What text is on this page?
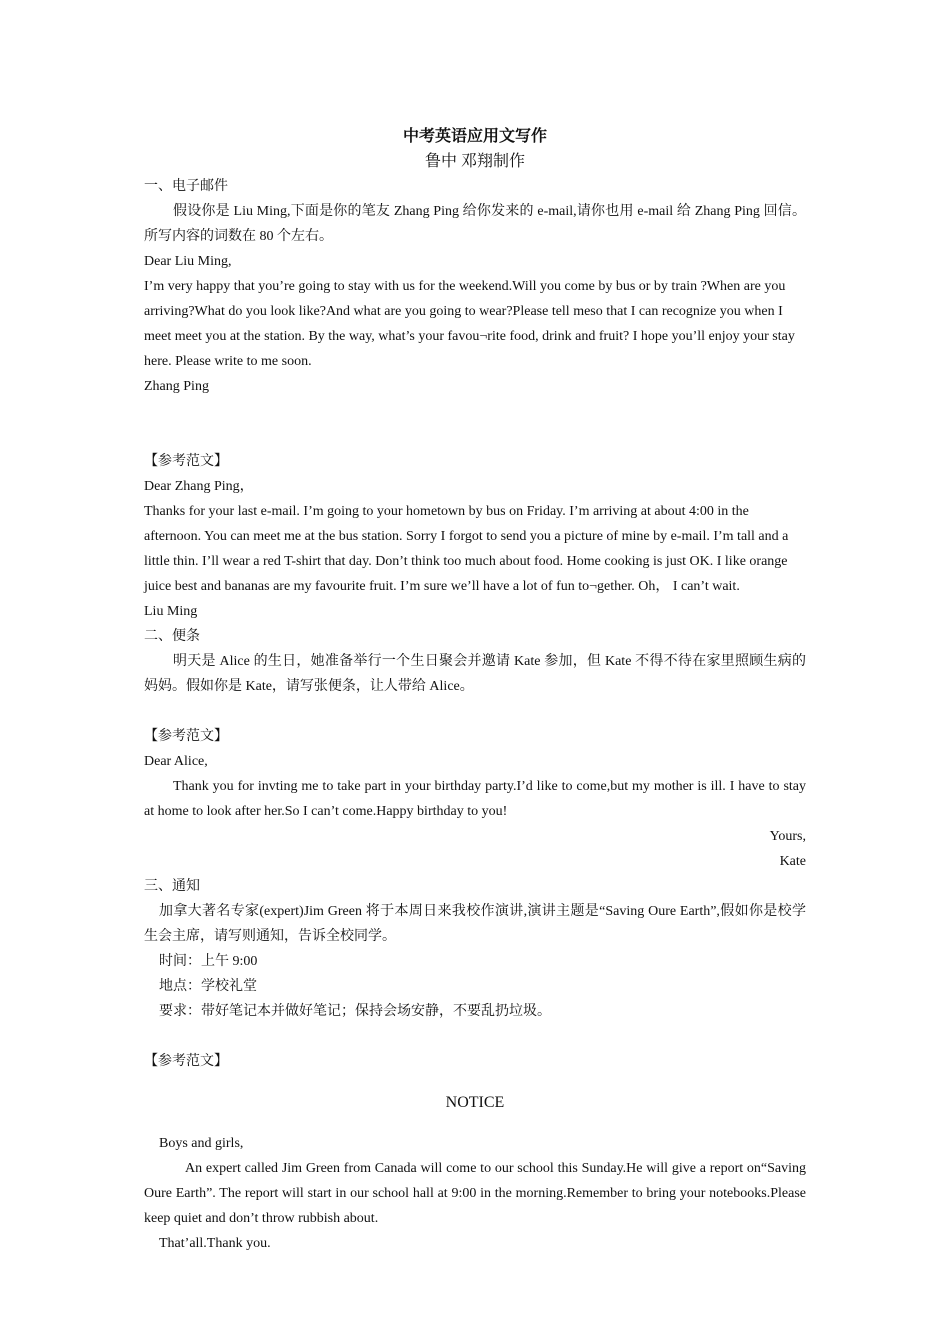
中考英语应用文写作
鲁中 邓翔制作

一、电子邮件

假设你是 Liu Ming,下面是你的笔友 Zhang Ping 给你发来的 e-mail,请你也用 e-mail 给 Zhang Ping 回信。所写内容的词数在 80 个左右。

Dear Liu Ming,

I’m very happy that you’re going to stay with us for the weekend.Will you come by bus or by train ?When are you arriving?What do you look like?And what are you going to wear?Please tell meso that I can recognize you when I meet meet you at the station. By the way, what’s your favou¬rite food, drink and fruit? I hope you’ll enjoy your stay here. Please write to me soon.

Zhang Ping

【参考范文】

Dear Zhang Ping，

Thanks for your last e-mail. I’m going to your hometown by bus on Friday. I’m arriving at about 4:00 in the afternoon. You can meet me at the bus station. Sorry I forgot to send you a picture of mine by e-mail. I’m tall and a little thin. I’ll wear a red T-shirt that day. Don’t think too much about food. Home cooking is just OK. I like orange juice best and bananas are my favourite fruit. I’m sure we’ll have a lot of fun to¬gether. Oh， I can’t wait.

Liu Ming

二、便条

明天是 Alice 的生日，她准备举行一个生日聚会并邀请 Kate 参加，但 Kate 不得不待在家里照顾生病的妈妈。假如你是 Kate，请写张便条，让人带给 Alice。

【参考范文】

Dear Alice,

Thank you for invting me to take part in your birthday party.I’d like to come,but my mother is ill. I have to stay at home to look after her.So I can’t come.Happy birthday to you!

Yours,

Kate

三、通知

加拿大著名专家(expert)Jim Green 将于本周日来我校作演讲,演讲主题是“Saving Oure Earth”,假如你是校学生会主席，请写则通知，告诉全校同学。

时间：上午 9:00

地点：学校礼堂

要求：带好笔记本并做好笔记；保持会场安静，不要乱扔垃圾。

【参考范文】

NOTICE

Boys and girls,

An expert called Jim Green from Canada will come to our school this Sunday.He will give a report on“Saving Oure Earth”. The report will start in our school hall at 9:00 in the morning.Remember to bring your notebooks.Please keep quiet and don’t throw rubbish about.

That’all.Thank you.
